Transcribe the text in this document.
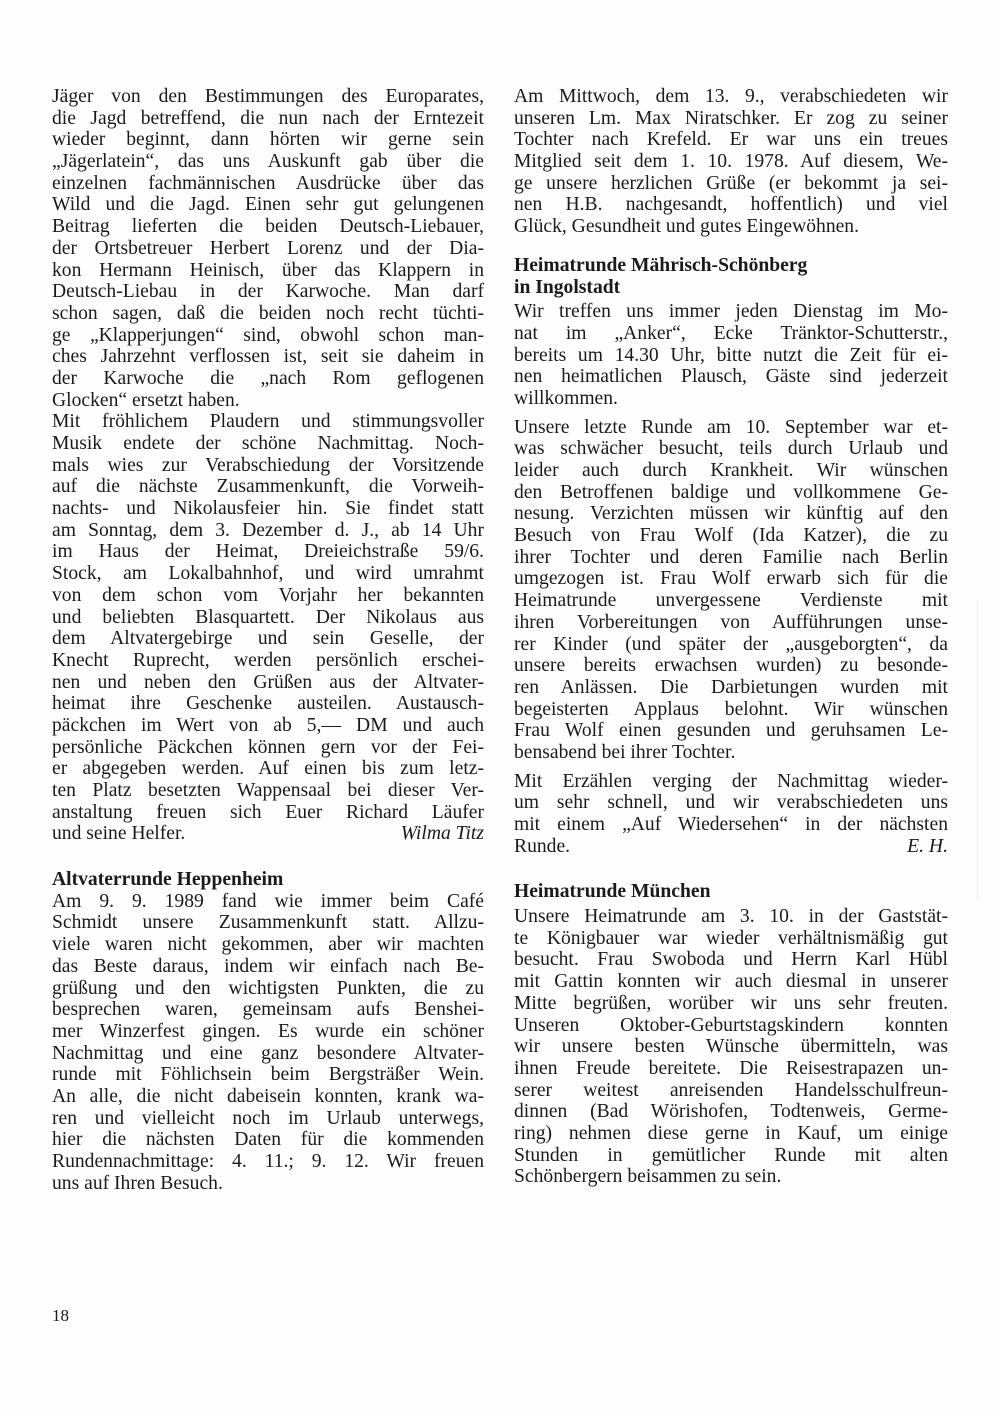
Jäger von den Bestimmungen des Europarates,
die Jagd betreffend, die nun nach der Erntezeit
wieder beginnt, dann hörten wir gerne sein
„Jägerlatein“, das uns Auskunft gab über die
einzelnen fachmännischen Ausdrücke über das
Wild und die Jagd. Einen sehr gut gelungenen
Beitrag lieferten die beiden Deutsch-Liebauer,
der Ortsbetreuer Herbert Lorenz und der Dia-
kon Hermann Heinisch, über das Klappern in
Deutsch-Liebau in der Karwoche. Man darf
schon sagen, daß die beiden noch recht tüchti-
ge „Klapperjungen“ sind, obwohl schon man-
ches Jahrzehnt verflossen ist, seit sie daheim in
der Karwoche die „nach Rom geflogenen
Glocken“ ersetzt haben.
Mit fröhlichem Plaudern und stimmungsvoller
Musik endete der schöne Nachmittag. Noch-
mals wies zur Verabschiedung der Vorsitzende
auf die nächste Zusammenkunft, die Vorweih-
nachts- und Nikolausfeier hin. Sie findet statt
am Sonntag, dem 3. Dezember d. J., ab 14 Uhr
im Haus der Heimat, Dreieichstraße 59/6.
Stock, am Lokalbahnhof, und wird umrahmt
von dem schon vom Vorjahr her bekannten
und beliebten Blasquartett. Der Nikolaus aus
dem Altvatergebirge und sein Geselle, der
Knecht Ruprecht, werden persönlich erschei-
nen und neben den Grüßen aus der Altvater-
heimat ihre Geschenke austeilen. Austausch-
päckchen im Wert von ab 5,— DM und auch
persönliche Päckchen können gern vor der Fei-
er abgegeben werden. Auf einen bis zum letz-
ten Platz besetzten Wappensaal bei dieser Ver-
anstaltung freuen sich Euer Richard Läufer
und seine Helfer.	Wilma Titz
Altvaterrunde Heppenheim
Am 9. 9. 1989 fand wie immer beim Café
Schmidt unsere Zusammenkunft statt. Allzu-
viele waren nicht gekommen, aber wir machten
das Beste daraus, indem wir einfach nach Be-
grüßung und den wichtigsten Punkten, die zu
besprechen waren, gemeinsam aufs Benshei-
mer Winzerfest gingen. Es wurde ein schöner
Nachmittag und eine ganz besondere Altvater-
runde mit Föhlichsein beim Bergsträßer Wein.
An alle, die nicht dabeisein konnten, krank wa-
ren und vielleicht noch im Urlaub unterwegs,
hier die nächsten Daten für die kommenden
Rundennachmittage: 4. 11.; 9. 12. Wir freuen
uns auf Ihren Besuch.
Am Mittwoch, dem 13. 9., verabschiedeten wir
unseren Lm. Max Niratschker. Er zog zu seiner
Tochter nach Krefeld. Er war uns ein treues
Mitglied seit dem 1. 10. 1978. Auf diesem, We-
ge unsere herzlichen Grüße (er bekommt ja sei-
nen H.B. nachgesandt, hoffentlich) und viel
Glück, Gesundheit und gutes Eingewöhnen.
Heimatrunde Mährisch-Schönberg
in Ingolstadt
Wir treffen uns immer jeden Dienstag im Mo-
nat im „Anker“, Ecke Tränktor-Schutterstr.,
bereits um 14.30 Uhr, bitte nutzt die Zeit für ei-
nen heimatlichen Plausch, Gäste sind jederzeit
willkommen.
Unsere letzte Runde am 10. September war et-
was schwächer besucht, teils durch Urlaub und
leider auch durch Krankheit. Wir wünschen
den Betroffenen baldige und vollkommene Ge-
nesung. Verzichten müssen wir künftig auf den
Besuch von Frau Wolf (Ida Katzer), die zu
ihrer Tochter und deren Familie nach Berlin
umgezogen ist. Frau Wolf erwarb sich für die
Heimatrunde unvergessene Verdienste mit
ihren Vorbereitungen von Aufführungen unse-
rer Kinder (und später der „ausgeborgten“, da
unsere bereits erwachsen wurden) zu besonde-
ren Anlässen. Die Darbietungen wurden mit
begeisterten Applaus belohnt. Wir wünschen
Frau Wolf einen gesunden und geruhsamen Le-
bensabend bei ihrer Tochter.
Mit Erzählen verging der Nachmittag wieder-
um sehr schnell, und wir verabschiedeten uns
mit einem „Auf Wiedersehen“ in der nächsten
Runde.	E. H.
Heimatrunde München
Unsere Heimatrunde am 3. 10. in der Gaststät-
te Königbauer war wieder verhältnismäßig gut
besucht. Frau Swoboda und Herrn Karl Hübl
mit Gattin konnten wir auch diesmal in unserer
Mitte begrüßen, worüber wir uns sehr freuten.
Unseren Oktober-Geburtstagskindern konnten
wir unsere besten Wünsche übermitteln, was
ihnen Freude bereitete. Die Reisestrapazen un-
serer weitest anreisenden Handelsschulfreun-
dinnen (Bad Wörishofen, Todtenweis, Germe-
ring) nehmen diese gerne in Kauf, um einige
Stunden in gemütlicher Runde mit alten
Schönbergern beisammen zu sein.
18
